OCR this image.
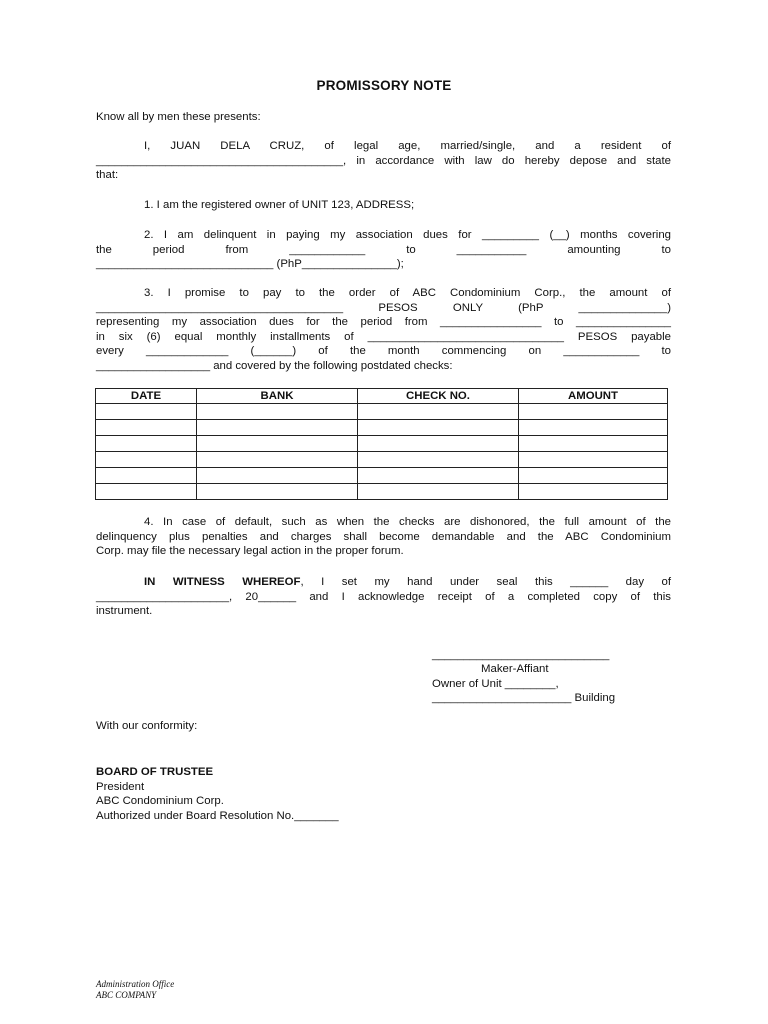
PROMISSORY NOTE
Know all by men these presents:
I, JUAN DELA CRUZ, of legal age, married/single, and a resident of
_______________________________________, in accordance with law do hereby depose and state
that:
1. I am the registered owner of UNIT 123, ADDRESS;
2. I am delinquent in paying my association dues for _________ (__) months covering
the period from ____________ to ___________ amounting to
____________________________ (PhP_______________);
3. I promise to pay to the order of ABC Condominium Corp., the amount of
_______________________________________ PESOS ONLY (PhP ______________)
representing my association dues for the period from ________________ to _______________
in six (6) equal monthly installments of _______________________________ PESOS payable
every _____________ (______) of the month commencing on ____________ to
__________________ and covered by the following postdated checks:
DATE	BANK	CHECK NO.	AMOUNT

4. In case of default, such as when the checks are dishonored, the full amount of the
delinquency plus penalties and charges shall become demandable and the ABC Condominium
Corp. may file the necessary legal action in the proper forum.
IN WITNESS WHEREOF, I set my hand under seal this ______ day of
_____________________, 20______ and I acknowledge receipt of a completed copy of this
instrument.
____________________________
Maker-Affiant
Owner of Unit ________,
______________________ Building
With our conformity:
BOARD OF TRUSTEE
President
ABC Condominium Corp.
Authorized under Board Resolution No._______
Administration Office
ABC COMPANY
